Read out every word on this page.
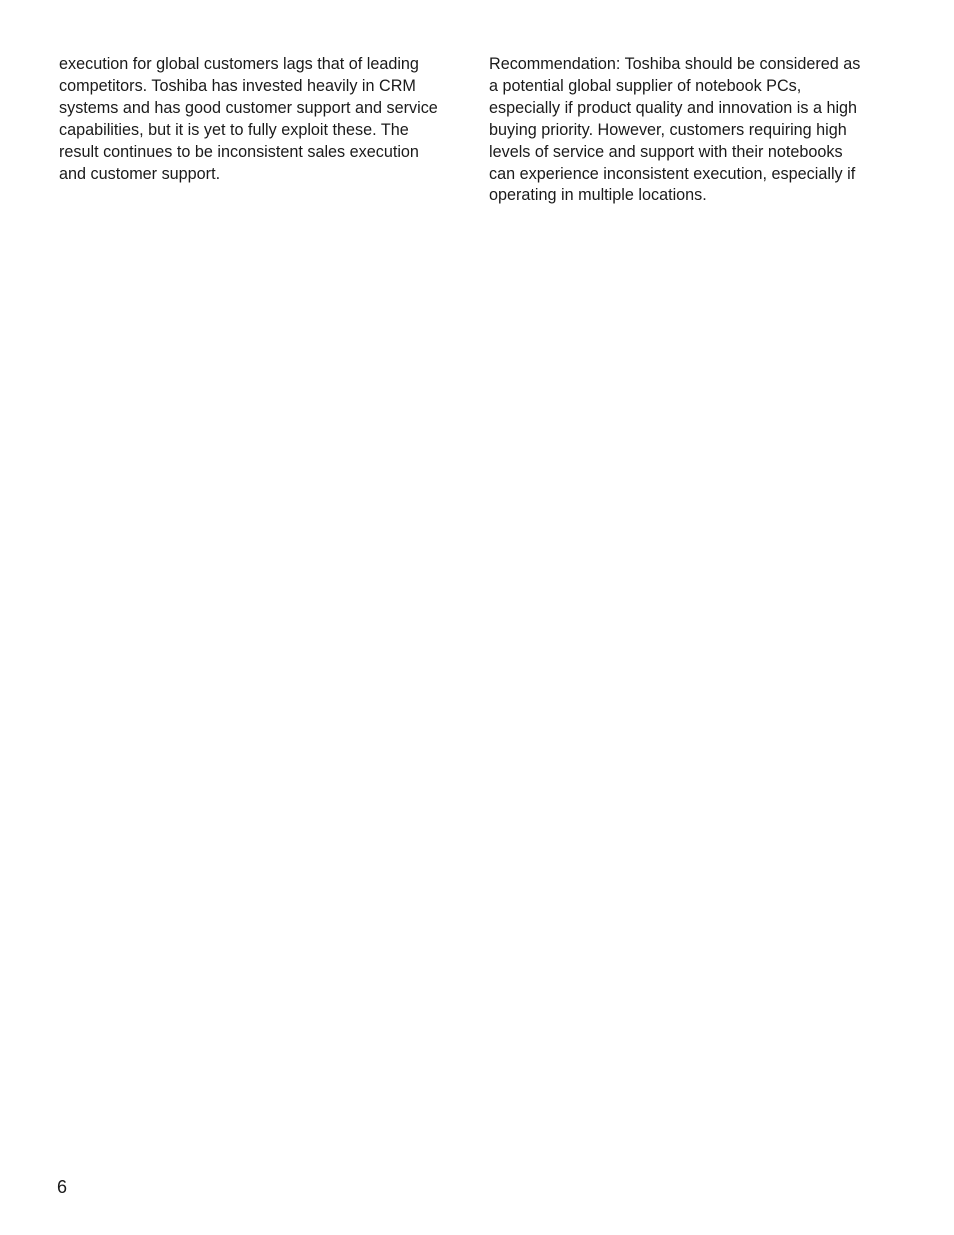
execution for global customers lags that of leading
competitors. Toshiba has invested heavily in CRM
systems and has good customer support and service
capabilities, but it is yet to fully exploit these. The
result continues to be inconsistent sales execution
and customer support.
Recommendation: Toshiba should be considered as
a potential global supplier of notebook PCs,
especially if product quality and innovation is a high
buying priority. However, customers requiring high
levels of service and support with their notebooks
can experience inconsistent execution, especially if
operating in multiple locations.
6
